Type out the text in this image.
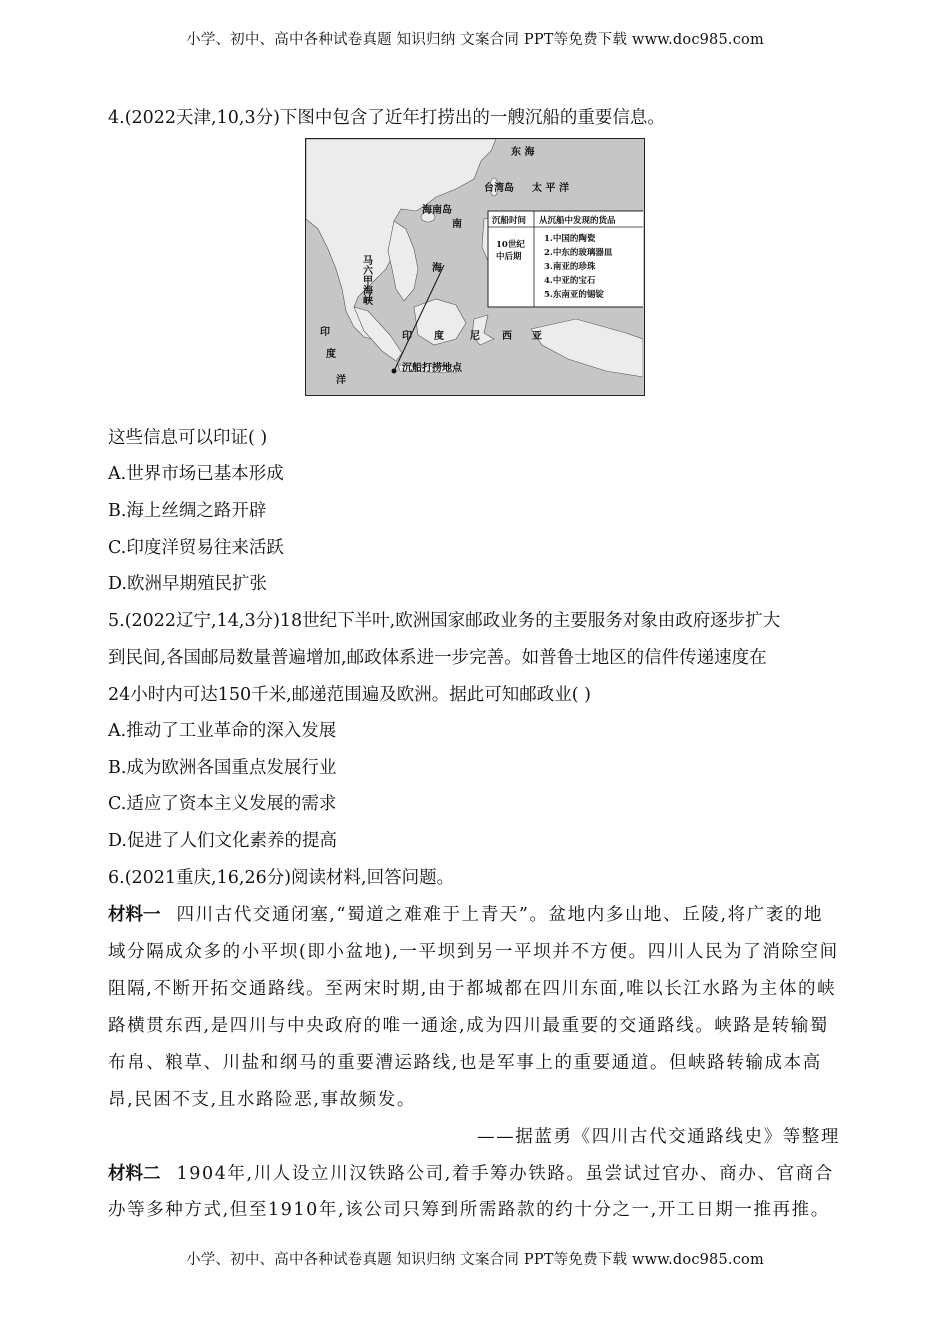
小学、初中、高中各种试卷真题 知识归纳 文案合同 PPT等免费下载 www.doc985.com
4.(2022天津,10,3分)下图中包含了近年打捞出的一艘沉船的重要信息。
沉船时间 从沉船中发现的货品
10世纪
中后期
1.中国的陶瓷
2.中东的玻璃器皿
3.南亚的珍珠
4.中亚的宝石
5.东南亚的锡锭
东 海
台湾岛 太 平 洋
海南岛
南
海
马六甲海峡
印
度
洋
印 度	尼 西 亚
沉船打捞地点
这些信息可以印证( )
A.世界市场已基本形成
B.海上丝绸之路开辟
C.印度洋贸易往来活跃
D.欧洲早期殖民扩张
5.(2022辽宁,14,3分)18世纪下半叶,欧洲国家邮政业务的主要服务对象由政府逐步扩大
到民间,各国邮局数量普遍增加,邮政体系进一步完善。如普鲁士地区的信件传递速度在
24小时内可达150千米,邮递范围遍及欧洲。据此可知邮政业( )
A.推动了工业革命的深入发展
B.成为欧洲各国重点发展行业
C.适应了资本主义发展的需求
D.促进了人们文化素养的提高
6.(2021重庆,16,26分)阅读材料,回答问题。
材料一 四川古代交通闭塞,“蜀道之难难于上青天”。盆地内多山地、丘陵,将广袤的地
域分隔成众多的小平坝(即小盆地),一平坝到另一平坝并不方便。四川人民为了消除空间
阻隔,不断开拓交通路线。至两宋时期,由于都城都在四川东面,唯以长江水路为主体的峡
路横贯东西,是四川与中央政府的唯一通途,成为四川最重要的交通路线。峡路是转输蜀
布帛、粮草、川盐和纲马的重要漕运路线,也是军事上的重要通道。但峡路转输成本高
昂,民困不支,且水路险恶,事故频发。
——据蓝勇《四川古代交通路线史》等整理
材料二 1904年,川人设立川汉铁路公司,着手筹办铁路。虽尝试过官办、商办、官商合
办等多种方式,但至1910年,该公司只筹到所需路款的约十分之一,开工日期一推再推。
小学、初中、高中各种试卷真题 知识归纳 文案合同 PPT等免费下载 www.doc985.com
